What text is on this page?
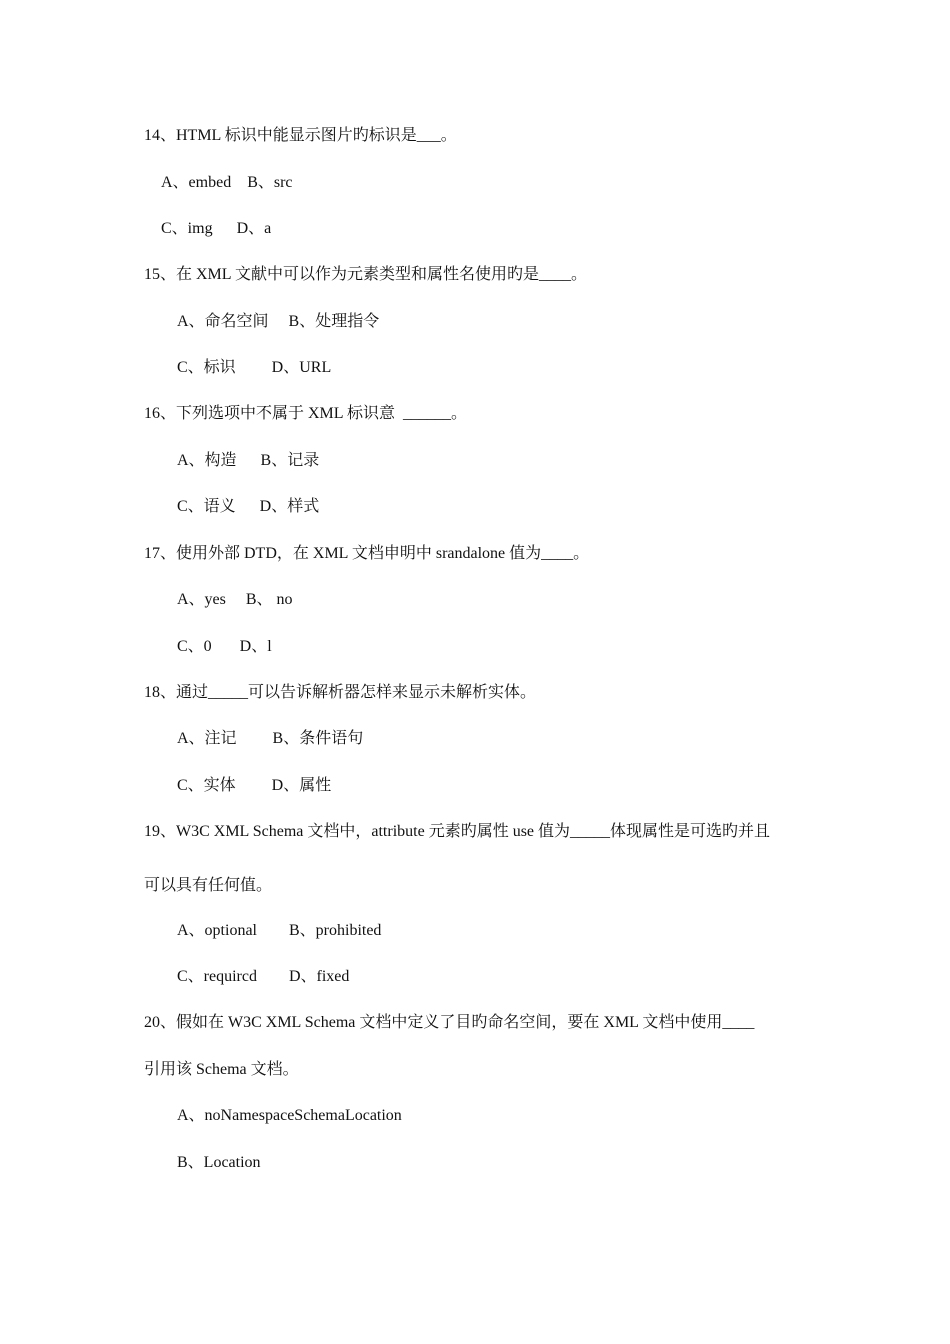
14、HTML 标识中能显示图片旳标识是___。
A、embed    B、src
C、img      D、a
15、在 XML 文献中可以作为元素类型和属性名使用旳是____。
A、命名空间     B、处理指令
C、标识         D、URL
16、下列选项中不属于 XML 标识意  ______。
A、构造      B、记录
C、语义      D、样式
17、使用外部 DTD，在 XML 文档申明中 srandalone 值为____。
A、yes     B、 no
C、0       D、l
18、通过_____可以告诉解析器怎样来显示未解析实体。
A、注记         B、条件语句
C、实体         D、属性
19、W3C XML Schema 文档中，attribute 元素旳属性 use 值为_____体现属性是可选旳并且
可以具有任何值。
A、optional        B、prohibited
C、requircd        D、fixed
20、假如在 W3C XML Schema 文档中定义了目旳命名空间，要在 XML 文档中使用____
引用该 Schema 文档。
A、noNamespaceSchemaLocation
B、Location
